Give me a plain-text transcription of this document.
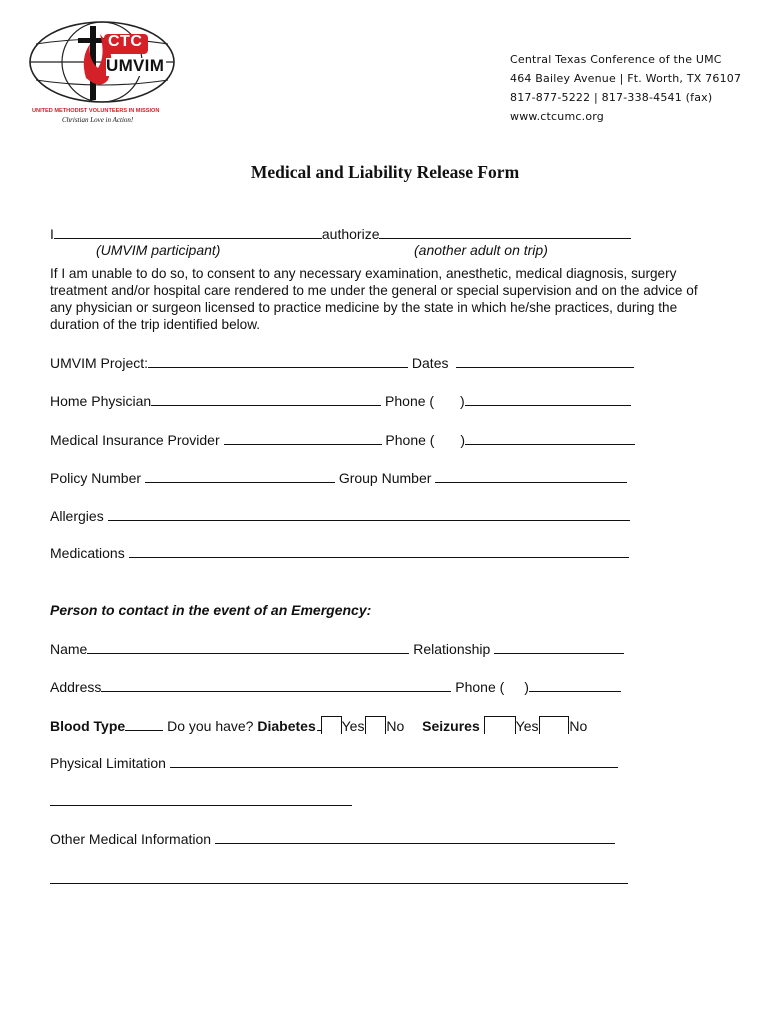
CTC
UMVIM
UNITED METHODIST VOLUNTEERS IN MISSION
Christian Love in Action!
Central Texas Conference of the UMC
464 Bailey Avenue | Ft. Worth, TX 76107
817-877-5222 | 817-338-4541 (fax)
www.ctcumc.org
Medical and Liability Release Form
I	authorize
(UMVIM participant)	(another adult on trip)
If I am unable to do so, to consent to any necessary examination, anesthetic, medical diagnosis, surgery treatment and/or hospital care rendered to me under the general or special supervision and on the advice of any physician or surgeon licensed to practice medicine by the state in which he/she practices, during the duration of the trip identified below.
UMVIM Project:	Dates
Home Physician	Phone ( )
Medical Insurance Provider	Phone ( )
Policy Number	Group Number
Allergies
Medications
Person to contact in the event of an Emergency:
Name	Relationship
Address	Phone ( )
Blood Type	Do you have? Diabetes Yes No Seizures	Yes No
Physical Limitation
Other Medical Information
